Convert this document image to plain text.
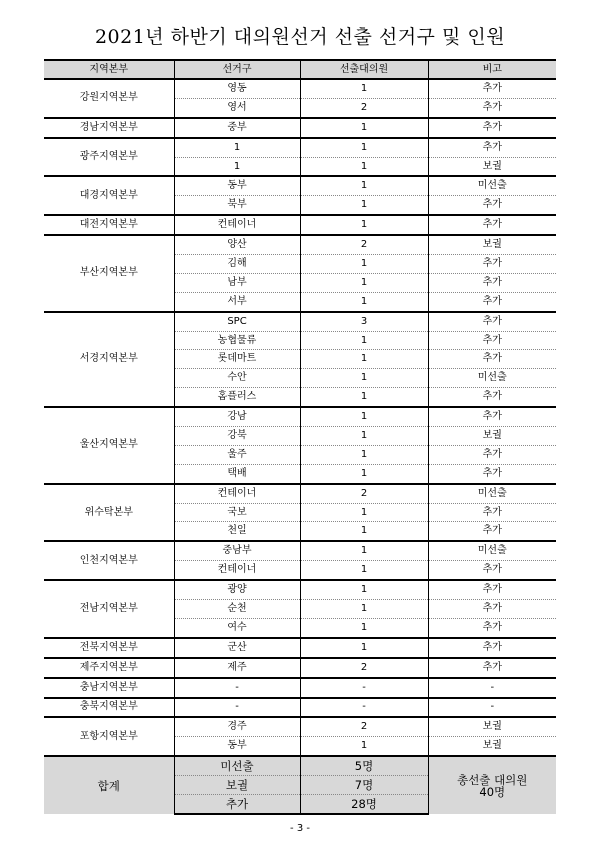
2021년 하반기 대의원선거 선출 선거구 및 인원
지역본부	선거구	선출대의원	비고
강원지역본부	영동	1	추가
	영서	2	추가
경남지역본부	중부	1	추가
광주지역본부	1	1	추가
	1	1	보궐
대경지역본부	동부	1	미선출
	북부	1	추가
대전지역본부	컨테이너	1	추가
부산지역본부	양산	2	보궐
	김해	1	추가
	남부	1	추가
	서부	1	추가
서경지역본부	SPC	3	추가
	농협물류	1	추가
	롯데마트	1	추가
	수안	1	미선출
	홈플러스	1	추가
울산지역본부	강남	1	추가
	강북	1	보궐
	울주	1	추가
	택배	1	추가
위수탁본부	컨테이너	2	미선출
	국보	1	추가
	천일	1	추가
인천지역본부	중남부	1	미선출
	컨테이너	1	추가
전남지역본부	광양	1	추가
	순천	1	추가
	여수	1	추가
전북지역본부	군산	1	추가
제주지역본부	제주	2	추가
충남지역본부	-	-	-
충북지역본부	-	-	-
포항지역본부	경주	2	보궐
	동부	1	보궐
합계	미선출	5명	총선출 대의원
40명

	보궐	7명	
	추가	28명	
- 3 -
